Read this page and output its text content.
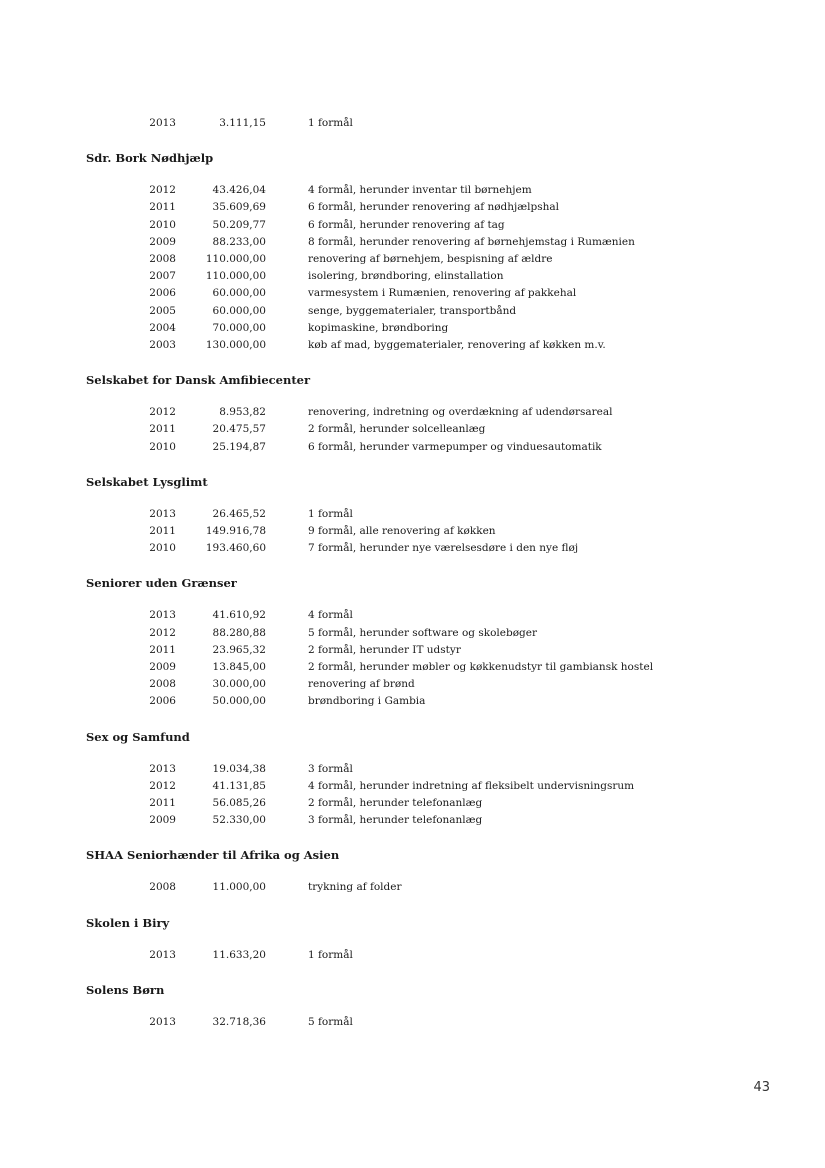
2013	3.111,15	1 formål
Sdr. Bork Nødhjælp
2012	43.426,04	4 formål, herunder inventar til børnehjem
2011	35.609,69	6 formål, herunder renovering af nødhjælpshal
2010	50.209,77	6 formål, herunder renovering af tag
2009	88.233,00	8 formål, herunder renovering af børnehjemstag i Rumænien
2008	110.000,00	renovering af børnehjem, bespisning af ældre
2007	110.000,00	isolering, brøndboring, elinstallation
2006	60.000,00	varmesystem i Rumænien, renovering af pakkehal
2005	60.000,00	senge, byggematerialer, transportbånd
2004	70.000,00	kopimaskine, brøndboring
2003	130.000,00	køb af mad, byggematerialer, renovering af køkken m.v.
Selskabet for Dansk Amfibiecenter
2012	8.953,82	renovering, indretning og overdækning af udendørsareal
2011	20.475,57	2 formål, herunder solcelleanlæg
2010	25.194,87	6 formål, herunder varmepumper og vinduesautomatik
Selskabet Lysglimt
2013	26.465,52	1 formål
2011	149.916,78	9 formål, alle renovering af køkken
2010	193.460,60	7 formål, herunder nye værelsesdøre i den nye fløj
Seniorer uden Grænser
2013	41.610,92	4 formål
2012	88.280,88	5 formål, herunder software og skolebøger
2011	23.965,32	2 formål, herunder IT udstyr
2009	13.845,00	2 formål, herunder møbler og køkkenudstyr til gambiansk hostel
2008	30.000,00	renovering af brønd
2006	50.000,00	brøndboring i Gambia
Sex og Samfund
2013	19.034,38	3 formål
2012	41.131,85	4 formål, herunder indretning af fleksibelt undervisningsrum
2011	56.085,26	2 formål, herunder telefonanlæg
2009	52.330,00	3 formål, herunder telefonanlæg
SHAA Seniorhænder til Afrika og Asien
2008	11.000,00	trykning af folder
Skolen i Biry
2013	11.633,20	1 formål
Solens Børn
2013	32.718,36	5 formål
43
